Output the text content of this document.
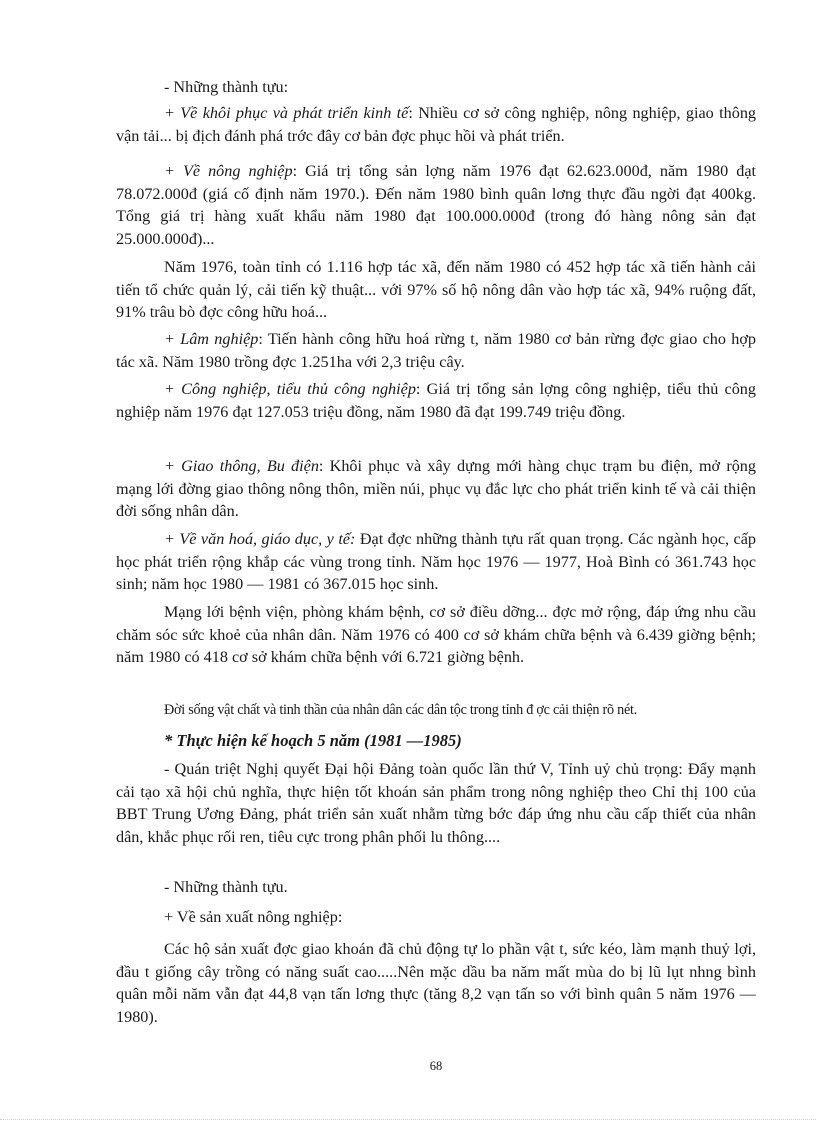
- Những thành tựu:

+ Về khôi phục và phát triển kinh tế: Nhiều cơ sở công nghiệp, nông nghiệp, giao thông vận tải... bị địch đánh phá trớc đây cơ bản đợc phục hồi và phát triển.

+ Về nông nghiệp: Giá trị tổng sản lợng năm 1976 đạt 62.623.000đ, năm 1980 đạt 78.072.000đ (giá cố định năm 1970.). Đến năm 1980 bình quân lơng thực đầu ngời đạt 400kg. Tổng giá trị hàng xuất khẩu năm 1980 đạt 100.000.000đ (trong đó hàng nông sản đạt 25.000.000đ)...

Năm 1976, toàn tỉnh có 1.116 hợp tác xã, đến năm 1980 có 452 hợp tác xã tiến hành cải tiến tổ chức quản lý, cải tiến kỹ thuật... với 97% số hộ nông dân vào hợp tác xã, 94% ruộng đất, 91% trâu bò đợc công hữu hoá...

+ Lâm nghiệp: Tiến hành công hữu hoá rừng t, năm 1980 cơ bản rừng đợc giao cho hợp tác xã. Năm 1980 trồng đợc 1.251ha với 2,3 triệu cây.

+ Công nghiệp, tiểu thủ công nghiệp: Giá trị tổng sản lợng công nghiệp, tiểu thủ công nghiệp năm 1976 đạt 127.053 triệu đồng, năm 1980 đã đạt 199.749 triệu đồng.

+ Giao thông, Bu điện: Khôi phục và xây dựng mới hàng chục trạm bu điện, mở rộng mạng lới đờng giao thông nông thôn, miền núi, phục vụ đắc lực cho phát triển kinh tế và cải thiện đời sống nhân dân.

+ Về văn hoá, giáo dục, y tế: Đạt đợc những thành tựu rất quan trọng. Các ngành học, cấp học phát triển rộng khắp các vùng trong tỉnh. Năm học 1976 — 1977, Hoà Bình có 361.743 học sinh; năm học 1980 — 1981 có 367.015 học sinh.

Mạng lới bệnh viện, phòng khám bệnh, cơ sở điều dỡng... đợc mở rộng, đáp ứng nhu cầu chăm sóc sức khoẻ của nhân dân. Năm 1976 có 400 cơ sở khám chữa bệnh và 6.439 giờng bệnh; năm 1980 có 418 cơ sở khám chữa bệnh với 6.721 giờng bệnh.

Đời sống vật chất và tinh thần của nhân dân các dân tộc trong tỉnh đ ợc cải thiện rõ nét.

* Thực hiện kế hoạch 5 năm (1981 —1985)

- Quán triệt Nghị quyết Đại hội Đảng toàn quốc lần thứ V, Tỉnh uỷ chủ trọng: Đẩy mạnh cải tạo xã hội chủ nghĩa, thực hiện tốt khoán sản phẩm trong nông nghiệp theo Chỉ thị 100 của BBT Trung Ương Đảng, phát triển sản xuất nhằm từng bớc đáp ứng nhu cầu cấp thiết của nhân dân, khắc phục rối ren, tiêu cực trong phân phối lu thông....

- Những thành tựu.

+ Về sản xuất nông nghiệp:

Các hộ sản xuất đợc giao khoán đã chủ động tự lo phần vật t, sức kéo, làm mạnh thuỷ lợi, đầu t giống cây trồng có năng suất cao.....Nên mặc dầu ba năm mất mùa do bị lũ lụt nhng bình quân mỗi năm vẫn đạt 44,8 vạn tấn lơng thực (tăng 8,2 vạn tấn so với bình quân 5 năm 1976 — 1980).

68
